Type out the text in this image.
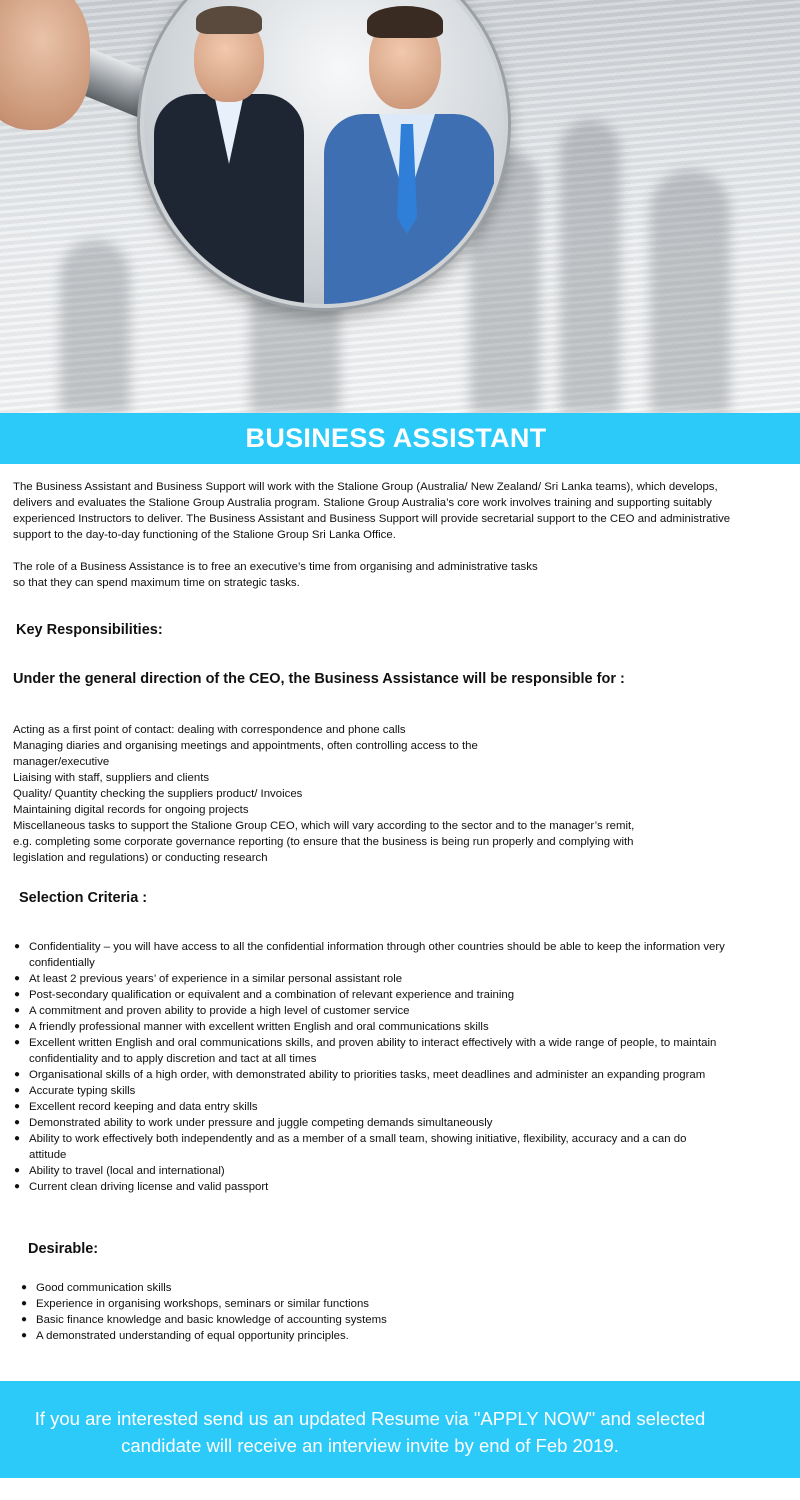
BUSINESS ASSISTANT
The Business Assistant and Business Support will work with the Stalione Group (Australia/ New Zealand/ Sri Lanka teams), which develops,
delivers and evaluates the Stalione Group Australia program. Stalione Group Australia’s core work involves training and supporting suitably
experienced Instructors to deliver. The Business Assistant and Business Support will provide secretarial support to the CEO and administrative
support to the day-to-day functioning of the Stalione Group Sri Lanka Office.
The role of a Business Assistance is to free an executive’s time from organising and administrative tasks
so that they can spend maximum time on strategic tasks.
Key Responsibilities:
Under the general direction of the CEO, the Business Assistance will be responsible for :
Acting as a first point of contact: dealing with correspondence and phone calls
Managing diaries and organising meetings and appointments, often controlling access to the
manager/executive
Liaising with staff, suppliers and clients
Quality/ Quantity checking the suppliers product/ Invoices
Maintaining digital records for ongoing projects
Miscellaneous tasks to support the Stalione Group CEO, which will vary according to the sector and to the manager’s remit,
e.g. completing some corporate governance reporting (to ensure that the business is being run properly and complying with
legislation and regulations) or conducting research
Selection Criteria :
● Confidentiality – you will have access to all the confidential information through other countries should be able to keep the information very
confidentially
● At least 2 previous years’ of experience in a similar personal assistant role
● Post-secondary qualification or equivalent and a combination of relevant experience and training
● A commitment and proven ability to provide a high level of customer service
● A friendly professional manner with excellent written English and oral communications skills
● Excellent written English and oral communications skills, and proven ability to interact effectively with a wide range of people, to maintain
confidentiality and to apply discretion and tact at all times
● Organisational skills of a high order, with demonstrated ability to priorities tasks, meet deadlines and administer an expanding program
● Accurate typing skills
● Excellent record keeping and data entry skills
● Demonstrated ability to work under pressure and juggle competing demands simultaneously
● Ability to work effectively both independently and as a member of a small team, showing initiative, flexibility, accuracy and a can do
attitude
● Ability to travel (local and international)
● Current clean driving license and valid passport
Desirable:
● Good communication skills
● Experience in organising workshops, seminars or similar functions
● Basic finance knowledge and basic knowledge of accounting systems
● A demonstrated understanding of equal opportunity principles.

If you are interested send us an updated Resume via "APPLY NOW" and selected
candidate will receive an interview invite by end of Feb 2019.
